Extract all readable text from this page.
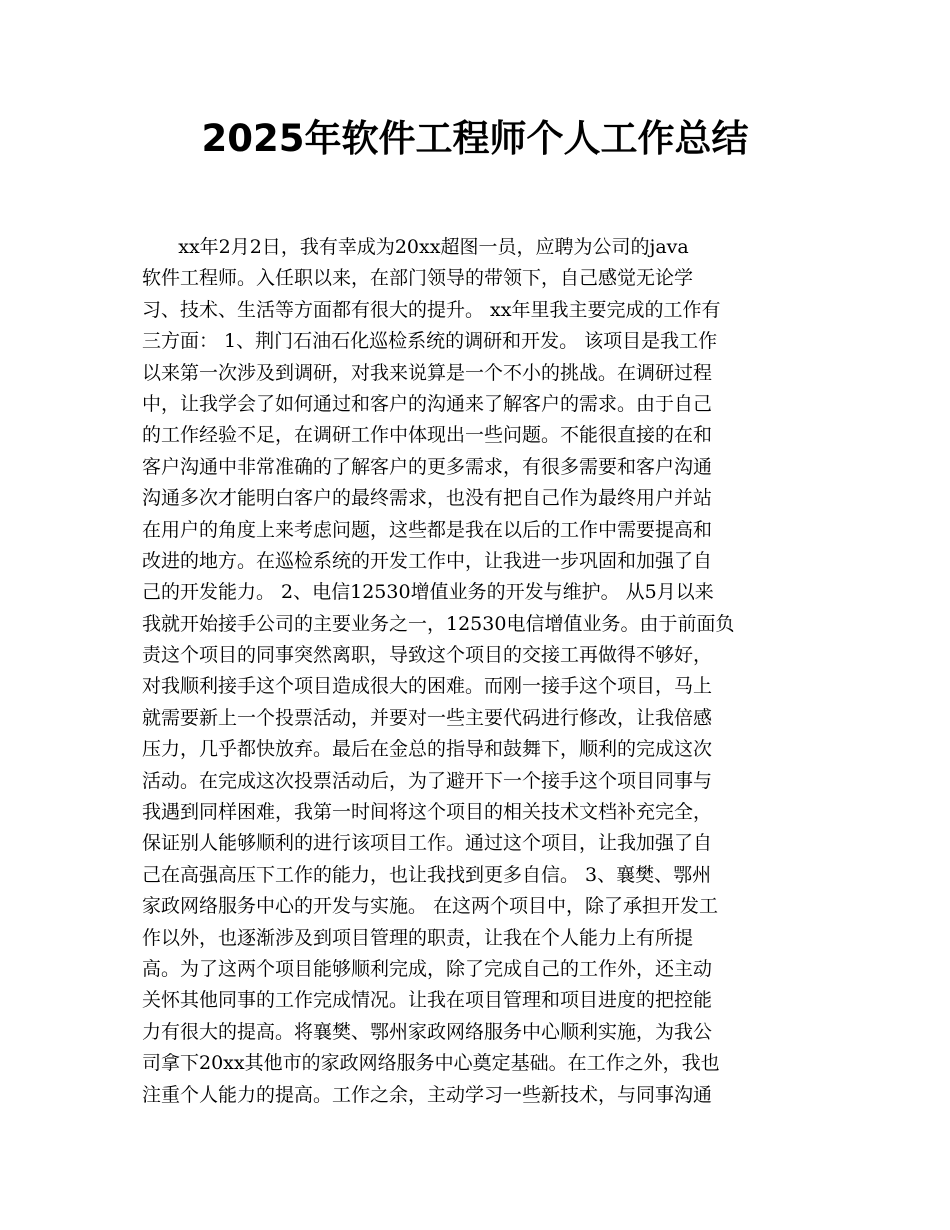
2025年软件工程师个人工作总结
xx年2月2日，我有幸成为20xx超图一员，应聘为公司的java
软件工程师。入任职以来，在部门领导的带领下，自己感觉无论学
习、技术、生活等方面都有很大的提升。 xx年里我主要完成的工作有
三方面： 1、荆门石油石化巡检系统的调研和开发。 该项目是我工作
以来第一次涉及到调研，对我来说算是一个不小的挑战。在调研过程
中，让我学会了如何通过和客户的沟通来了解客户的需求。由于自己
的工作经验不足，在调研工作中体现出一些问题。不能很直接的在和
客户沟通中非常准确的了解客户的更多需求，有很多需要和客户沟通
沟通多次才能明白客户的最终需求，也没有把自己作为最终用户并站
在用户的角度上来考虑问题，这些都是我在以后的工作中需要提高和
改进的地方。在巡检系统的开发工作中，让我进一步巩固和加强了自
己的开发能力。 2、电信12530增值业务的开发与维护。 从5月以来
我就开始接手公司的主要业务之一，12530电信增值业务。由于前面负
责这个项目的同事突然离职，导致这个项目的交接工再做得不够好，
对我顺利接手这个项目造成很大的困难。而刚一接手这个项目，马上
就需要新上一个投票活动，并要对一些主要代码进行修改，让我倍感
压力，几乎都快放弃。最后在金总的指导和鼓舞下，顺利的完成这次
活动。在完成这次投票活动后，为了避开下一个接手这个项目同事与
我遇到同样困难，我第一时间将这个项目的相关技术文档补充完全，
保证别人能够顺利的进行该项目工作。通过这个项目，让我加强了自
己在高强高压下工作的能力，也让我找到更多自信。 3、襄樊、鄂州
家政网络服务中心的开发与实施。 在这两个项目中，除了承担开发工
作以外，也逐渐涉及到项目管理的职责，让我在个人能力上有所提
高。为了这两个项目能够顺利完成，除了完成自己的工作外，还主动
关怀其他同事的工作完成情况。让我在项目管理和项目进度的把控能
力有很大的提高。将襄樊、鄂州家政网络服务中心顺利实施，为我公
司拿下20xx其他市的家政网络服务中心奠定基础。在工作之外，我也
注重个人能力的提高。工作之余，主动学习一些新技术，与同事沟通
